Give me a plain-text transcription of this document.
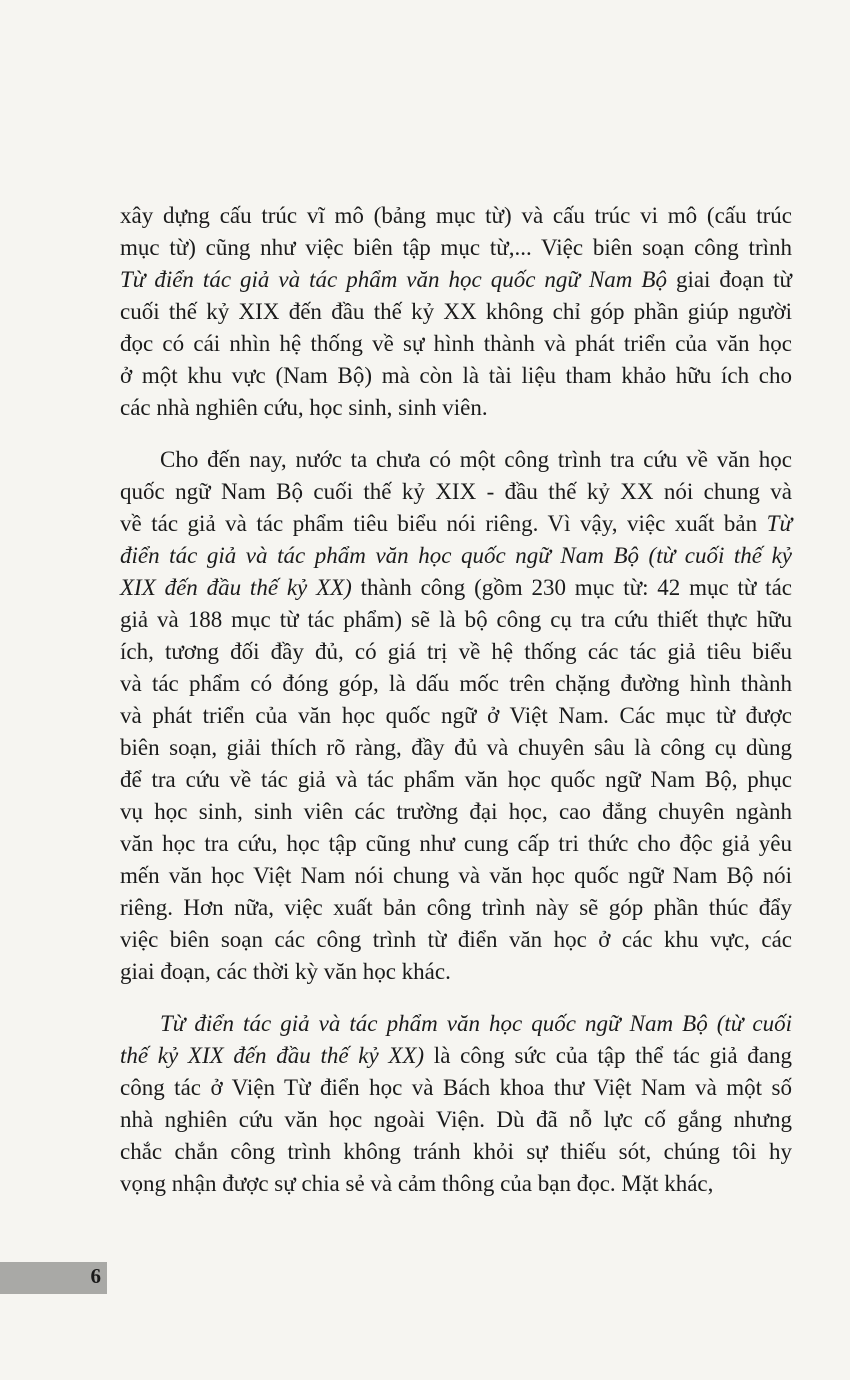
xây dựng cấu trúc vĩ mô (bảng mục từ) và cấu trúc vi mô (cấu trúc
mục từ) cũng như việc biên tập mục từ,... Việc biên soạn công trình
Từ điển tác giả và tác phẩm văn học quốc ngữ Nam Bộ giai đoạn từ
cuối thế kỷ XIX đến đầu thế kỷ XX không chỉ góp phần giúp người
đọc có cái nhìn hệ thống về sự hình thành và phát triển của văn học
ở một khu vực (Nam Bộ) mà còn là tài liệu tham khảo hữu ích cho
các nhà nghiên cứu, học sinh, sinh viên.
Cho đến nay, nước ta chưa có một công trình tra cứu về văn học
quốc ngữ Nam Bộ cuối thế kỷ XIX - đầu thế kỷ XX nói chung và
về tác giả và tác phẩm tiêu biểu nói riêng. Vì vậy, việc xuất bản Từ
điển tác giả và tác phẩm văn học quốc ngữ Nam Bộ (từ cuối thế kỷ
XIX đến đầu thế kỷ XX) thành công (gồm 230 mục từ: 42 mục từ tác
giả và 188 mục từ tác phẩm) sẽ là bộ công cụ tra cứu thiết thực hữu
ích, tương đối đầy đủ, có giá trị về hệ thống các tác giả tiêu biểu
và tác phẩm có đóng góp, là dấu mốc trên chặng đường hình thành
và phát triển của văn học quốc ngữ ở Việt Nam. Các mục từ được
biên soạn, giải thích rõ ràng, đầy đủ và chuyên sâu là công cụ dùng
để tra cứu về tác giả và tác phẩm văn học quốc ngữ Nam Bộ, phục
vụ học sinh, sinh viên các trường đại học, cao đẳng chuyên ngành
văn học tra cứu, học tập cũng như cung cấp tri thức cho độc giả yêu
mến văn học Việt Nam nói chung và văn học quốc ngữ Nam Bộ nói
riêng. Hơn nữa, việc xuất bản công trình này sẽ góp phần thúc đẩy
việc biên soạn các công trình từ điển văn học ở các khu vực, các
giai đoạn, các thời kỳ văn học khác.
Từ điển tác giả và tác phẩm văn học quốc ngữ Nam Bộ (từ cuối
thế kỷ XIX đến đầu thế kỷ XX) là công sức của tập thể tác giả đang
công tác ở Viện Từ điển học và Bách khoa thư Việt Nam và một số
nhà nghiên cứu văn học ngoài Viện. Dù đã nỗ lực cố gắng nhưng
chắc chắn công trình không tránh khỏi sự thiếu sót, chúng tôi hy
vọng nhận được sự chia sẻ và cảm thông của bạn đọc. Mặt khác,
6
